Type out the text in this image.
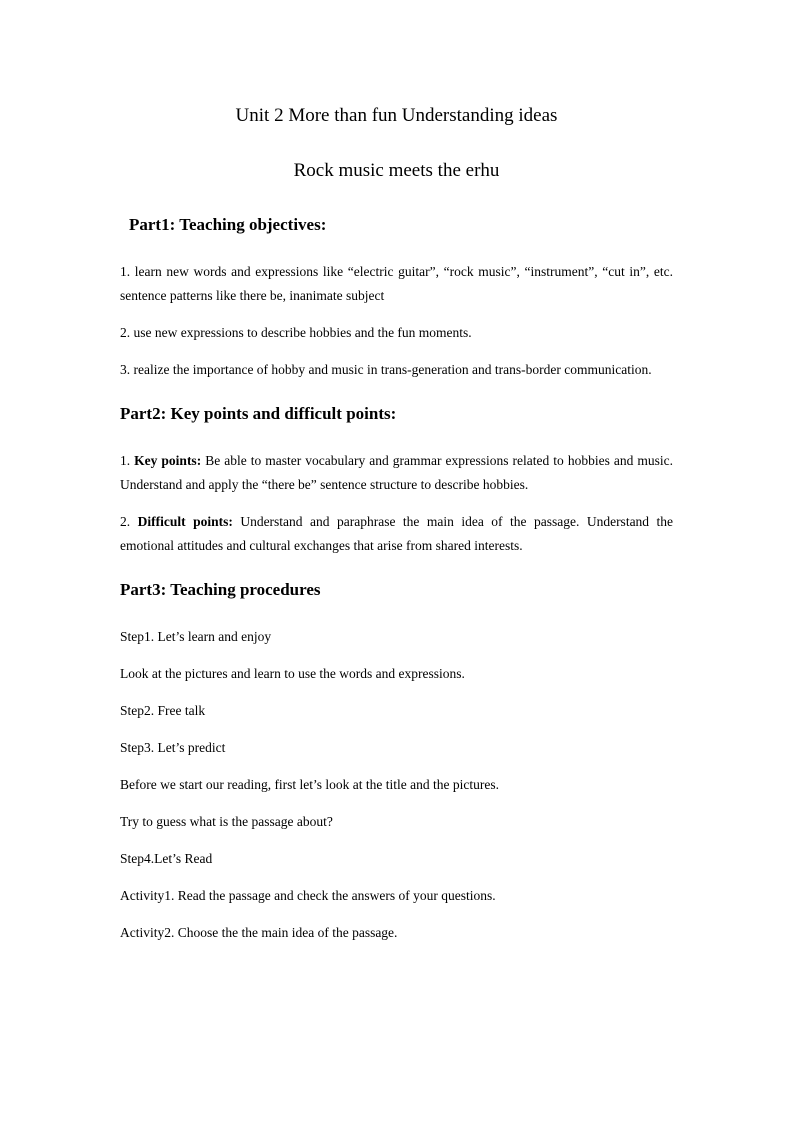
Unit 2 More than fun Understanding ideas

Rock music meets the erhu

Part1: Teaching objectives:

1. learn new words and expressions like “electric guitar”, “rock music”, “instrument”, “cut in”, etc. sentence patterns like there be, inanimate subject

2. use new expressions to describe hobbies and the fun moments.

3. realize the importance of hobby and music in trans-generation and trans-border communication.

Part2: Key points and difficult points:

1. Key points: Be able to master vocabulary and grammar expressions related to hobbies and music. Understand and apply the “there be” sentence structure to describe hobbies.

2. Difficult points: Understand and paraphrase the main idea of the passage. Understand the emotional attitudes and cultural exchanges that arise from shared interests.

Part3: Teaching procedures

Step1. Let’s learn and enjoy

Look at the pictures and learn to use the words and expressions.

Step2. Free talk

Step3. Let’s predict

Before we start our reading, first let’s look at the title and the pictures.

Try to guess what is the passage about?

Step4.Let’s Read

Activity1. Read the passage and check the answers of your questions.

Activity2. Choose the the main idea of the passage.
